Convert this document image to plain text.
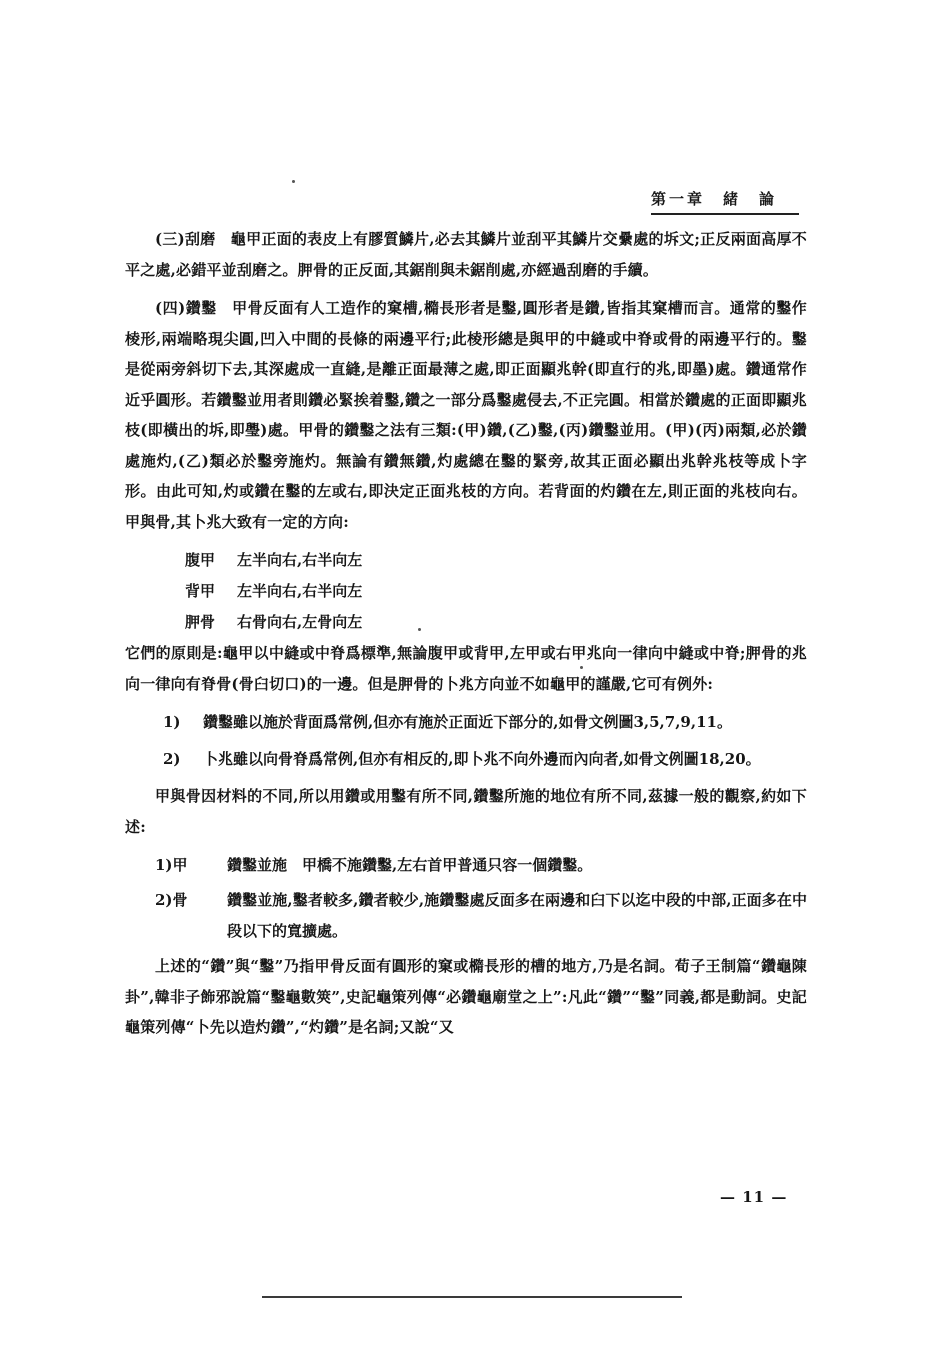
第一章　緒　論

(三)刮磨　龜甲正面的表皮上有膠質鱗片,必去其鱗片並刮平其鱗片交纍處的坼文;正反兩面高厚不平之處,必錯平並刮磨之。胛骨的正反面,其鋸削與未鋸削處,亦經過刮磨的手續。

(四)鑽鑿　甲骨反面有人工造作的窠槽,橢長形者是鑿,圓形者是鑽,皆指其窠槽而言。通常的鑿作棱形,兩端略現尖圓,凹入中間的長條的兩邊平行;此棱形總是與甲的中縫或中脊或骨的兩邊平行的。鑿是從兩旁斜切下去,其深處成一直縫,是離正面最薄之處,即正面顯兆幹(即直行的兆,即墨)處。鑽通常作近乎圓形。若鑽鑿並用者則鑽必緊挨着鑿,鑽之一部分爲鑿處侵去,不正完圓。相當於鑽處的正面即顯兆枝(即橫出的坼,即璺)處。甲骨的鑽鑿之法有三類:(甲)鑽,(乙)鑿,(丙)鑽鑿並用。(甲)(丙)兩類,必於鑽處施灼,(乙)類必於鑿旁施灼。無論有鑽無鑽,灼處總在鑿的緊旁,故其正面必顯出兆幹兆枝等成卜字形。由此可知,灼或鑽在鑿的左或右,即決定正面兆枝的方向。若背面的灼鑽在左,則正面的兆枝向右。甲與骨,其卜兆大致有一定的方向:

腹甲 左半向右,右半向左
背甲 左半向右,右半向左
胛骨 右骨向右,左骨向左

它們的原則是:龜甲以中縫或中脊爲標準,無論腹甲或背甲,左甲或右甲兆向一律向中縫或中脊;胛骨的兆向一律向有脊骨(骨臼切口)的一邊。但是胛骨的卜兆方向並不如龜甲的謹嚴,它可有例外:

1)	鑽鑿雖以施於背面爲常例,但亦有施於正面近下部分的,如骨文例圖3,5,7,9,11。
2)	卜兆雖以向骨脊爲常例,但亦有相反的,即卜兆不向外邊而內向者,如骨文例圖18,20。

甲與骨因材料的不同,所以用鑽或用鑿有所不同,鑽鑿所施的地位有所不同,茲據一般的觀察,約如下述:

1)甲	鑽鑿並施　甲橋不施鑽鑿,左右首甲普通只容一個鑽鑿。
2)骨	鑽鑿並施,鑿者較多,鑽者較少,施鑽鑿處反面多在兩邊和臼下以迄中段的中部,正面多在中段以下的寬擴處。

上述的“鑽”與“鑿”乃指甲骨反面有圓形的窠或橢長形的槽的地方,乃是名詞。荀子王制篇“鑽龜陳卦”,韓非子飾邪說篇“鑿龜數筴”,史記龜策列傳“必鑽龜廟堂之上”:凡此“鑽”“鑿”同義,都是動詞。史記龜策列傳“卜先以造灼鑽”,“灼鑽”是名詞;又說“又

— 11 —
